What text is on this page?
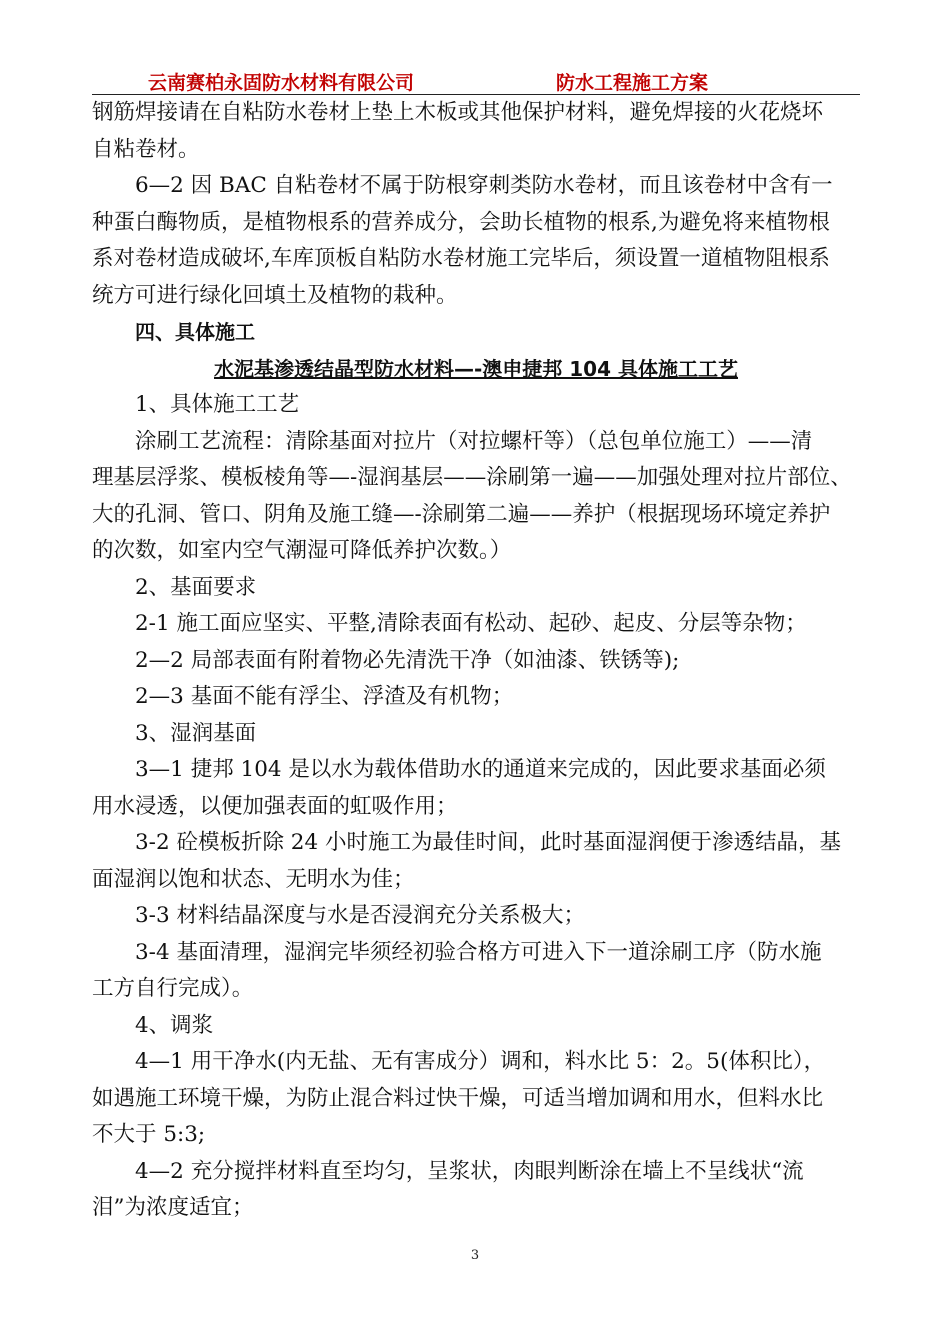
云南赛柏永固防水材料有限公司	防水工程施工方案

钢筋焊接请在自粘防水卷材上垫上木板或其他保护材料，避免焊接的火花烧坏

自粘卷材。

6—2 因 BAC 自粘卷材不属于防根穿刺类防水卷材，而且该卷材中含有一

种蛋白酶物质，是植物根系的营养成分，会助长植物的根系,为避免将来植物根

系对卷材造成破坏,车库顶板自粘防水卷材施工完毕后，须设置一道植物阻根系

统方可进行绿化回填土及植物的栽种。

四、具体施工

水泥基渗透结晶型防水材料—-澳申捷邦 104 具体施工工艺

1、具体施工工艺

涂刷工艺流程：清除基面对拉片（对拉螺杆等）（总包单位施工）——清

理基层浮浆、模板棱角等—-湿润基层——涂刷第一遍——加强处理对拉片部位、

大的孔洞、管口、阴角及施工缝—-涂刷第二遍——养护（根据现场环境定养护

的次数，如室内空气潮湿可降低养护次数。）

2、基面要求

2-1 施工面应坚实、平整,清除表面有松动、起砂、起皮、分层等杂物；

2—2 局部表面有附着物必先清洗干净（如油漆、铁锈等);

2—3 基面不能有浮尘、浮渣及有机物；

3、湿润基面

3—1 捷邦 104 是以水为载体借助水的通道来完成的，因此要求基面必须

用水浸透，以便加强表面的虹吸作用；

3-2 砼模板折除 24 小时施工为最佳时间，此时基面湿润便于渗透结晶，基

面湿润以饱和状态、无明水为佳；

3-3 材料结晶深度与水是否浸润充分关系极大；

3-4 基面清理，湿润完毕须经初验合格方可进入下一道涂刷工序（防水施

工方自行完成）。

4、调浆

4—1 用干净水(内无盐、无有害成分）调和，料水比 5：2。5(体积比），

如遇施工环境干燥，为防止混合料过快干燥，可适当增加调和用水，但料水比

不大于 5:3;

4—2 充分搅拌材料直至均匀，呈浆状，肉眼判断涂在墙上不呈线状“流

泪”为浓度适宜；

3
